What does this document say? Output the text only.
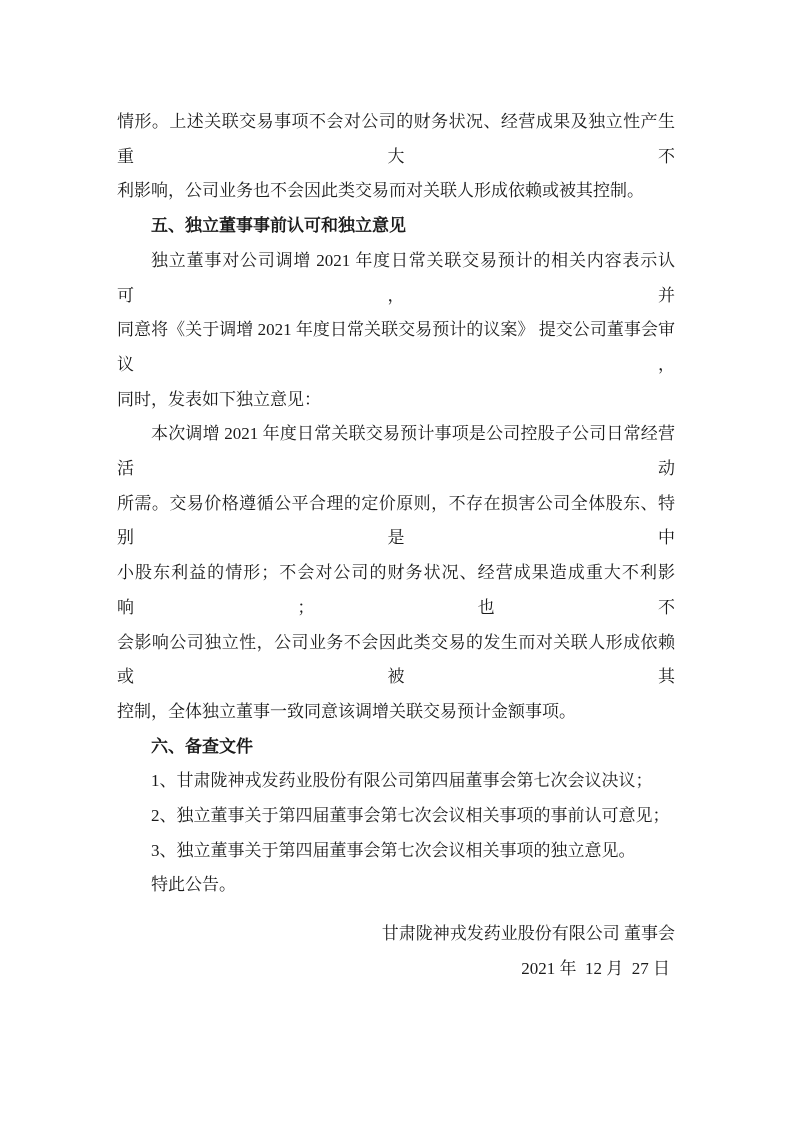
情形。上述关联交易事项不会对公司的财务状况、经营成果及独立性产生重大不
利影响，公司业务也不会因此类交易而对关联人形成依赖或被其控制。
五、独立董事事前认可和独立意见
独立董事对公司调增 2021 年度日常关联交易预计的相关内容表示认可，并
同意将《关于调增 2021 年度日常关联交易预计的议案》 提交公司董事会审议，
同时，发表如下独立意见：
本次调增 2021 年度日常关联交易预计事项是公司控股子公司日常经营活动
所需。交易价格遵循公平合理的定价原则，不存在损害公司全体股东、特别是中
小股东利益的情形；不会对公司的财务状况、经营成果造成重大不利影响；也不
会影响公司独立性，公司业务不会因此类交易的发生而对关联人形成依赖或被其
控制，全体独立董事一致同意该调增关联交易预计金额事项。
六、备查文件
1、甘肃陇神戎发药业股份有限公司第四届董事会第七次会议决议；
2、独立董事关于第四届董事会第七次会议相关事项的事前认可意见；
3、独立董事关于第四届董事会第七次会议相关事项的独立意见。
特此公告。
甘肃陇神戎发药业股份有限公司 董事会
2021 年  12 月  27 日
